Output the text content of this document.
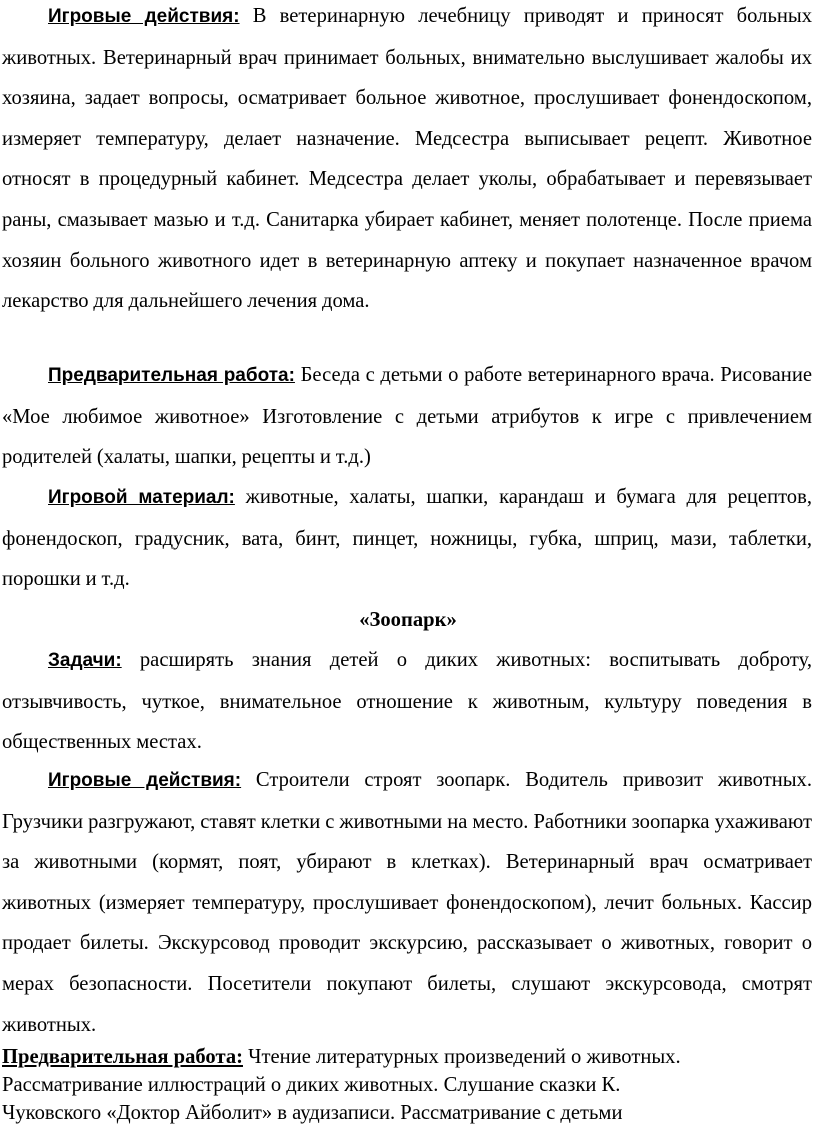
Игровые действия: В ветеринарную лечебницу приводят и приносят больных животных. Ветеринарный врач принимает больных, внимательно выслушивает жалобы их хозяина, задает вопросы, осматривает больное животное, прослушивает фонендоскопом, измеряет температуру, делает назначение. Медсестра выписывает рецепт. Животное относят в процедурный кабинет. Медсестра делает уколы, обрабатывает и перевязывает раны, смазывает мазью и т.д. Санитарка убирает кабинет, меняет полотенце. После приема хозяин больного животного идет в ветеринарную аптеку и покупает назначенное врачом лекарство для дальнейшего лечения дома.

Предварительная работа: Беседа с детьми о работе ветеринарного врача. Рисование «Мое любимое животное» Изготовление с детьми атрибутов к игре с привлечением родителей (халаты, шапки, рецепты и т.д.)

Игровой материал: животные, халаты, шапки, карандаш и бумага для рецептов, фонендоскоп, градусник, вата, бинт, пинцет, ножницы, губка, шприц, мази, таблетки, порошки и т.д.

«Зоопарк»

Задачи: расширять знания детей о диких животных: воспитывать доброту, отзывчивость, чуткое, внимательное отношение к животным, культуру поведения в общественных местах.

Игровые действия: Строители строят зоопарк. Водитель привозит животных. Грузчики разгружают, ставят клетки с животными на место. Работники зоопарка ухаживают за животными (кормят, поят, убирают в клетках). Ветеринарный врач осматривает животных (измеряет температуру, прослушивает фонендоскопом), лечит больных. Кассир продает билеты. Экскурсовод проводит экскурсию, рассказывает о животных, говорит о мерах безопасности. Посетители покупают билеты, слушают экскурсовода, смотрят животных.

Предварительная работа: Чтение литературных произведений о животных.
Рассматривание иллюстраций о диких животных. Слушание сказки К.
Чуковского «Доктор Айболит» в аудизаписи. Рассматривание с детьми
